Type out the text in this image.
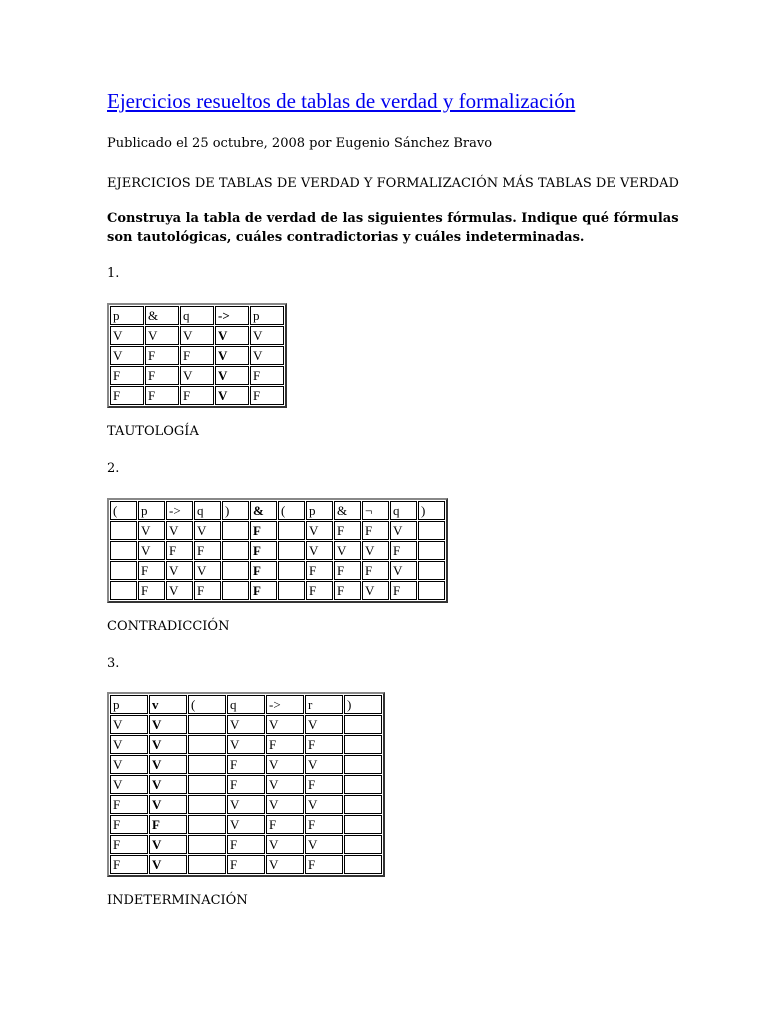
Ejercicios resueltos de tablas de verdad y formalización
Publicado el 25 octubre, 2008 por Eugenio Sánchez Bravo
EJERCICIOS DE TABLAS DE VERDAD Y FORMALIZACIÓN MÁS TABLAS DE VERDAD
Construya la tabla de verdad de las siguientes fórmulas. Indique qué fórmulas son tautológicas, cuáles contradictorias y cuáles indeterminadas.
1.
p	&	q	->	p
V	V	V	V	V
V	F	F	V	V
F	F	V	V	F
F	F	F	V	F
TAUTOLOGÍA
2.
(	p	->	q	)	&	(	p	&	¬	q	)
	V	V	V		F		V	F	F	V	
	V	F	F		F		V	V	V	F	
	F	V	V		F		F	F	F	V	
	F	V	F		F		F	F	V	F	
CONTRADICCIÓN
3.
p	v	(	q	->	r	)
V	V		V	V	V	
V	V		V	F	F	
V	V		F	V	V	
V	V		F	V	F	
F	V		V	V	V	
F	F		V	F	F	
F	V		F	V	V	
F	V		F	V	F	
INDETERMINACIÓN
